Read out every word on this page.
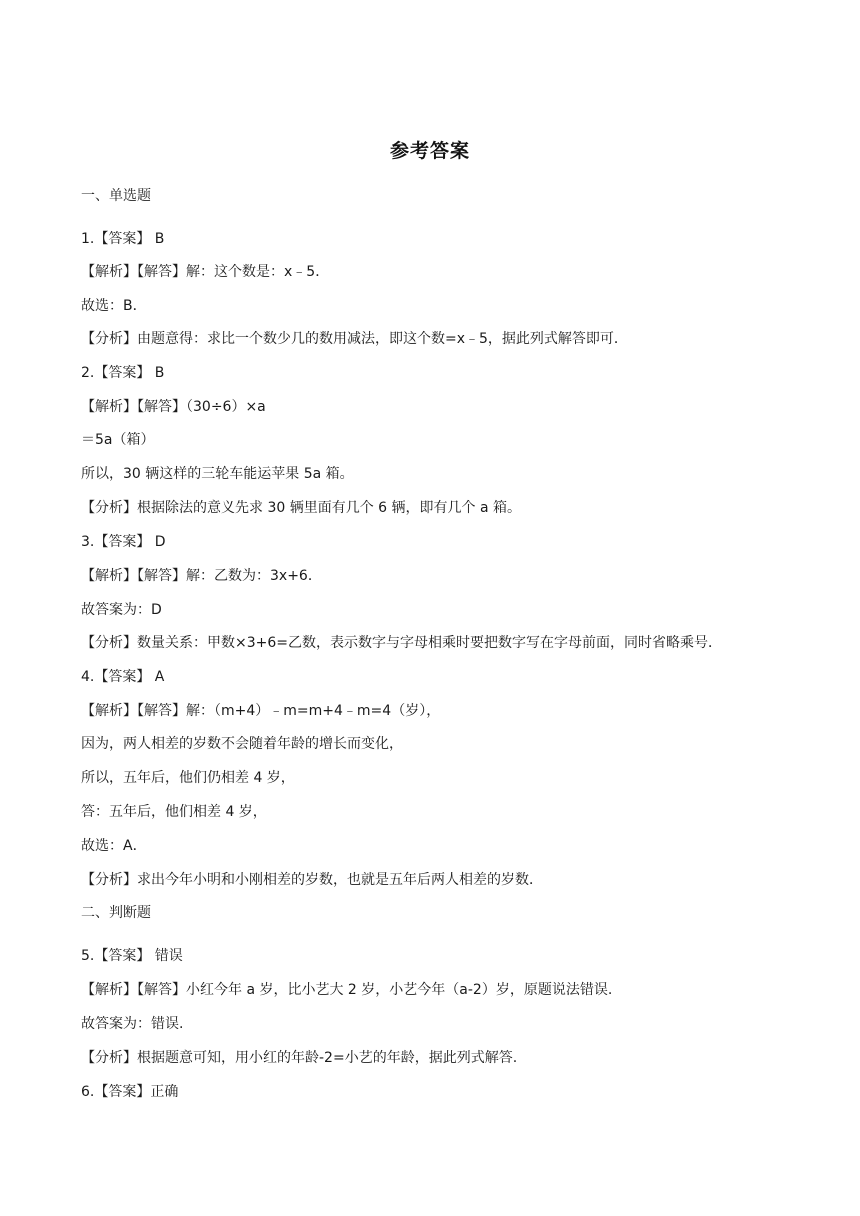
参考答案
一、单选题
1.【答案】 B
【解析】【解答】解：这个数是：x﹣5．
故选：B．
【分析】由题意得：求比一个数少几的数用减法，即这个数=x﹣5，据此列式解答即可．
2.【答案】 B
【解析】【解答】（30÷6）×a
＝5a（箱）
所以，30 辆这样的三轮车能运苹果 5a 箱。
【分析】根据除法的意义先求 30 辆里面有几个 6 辆，即有几个 a 箱。
3.【答案】 D
【解析】【解答】解：乙数为：3x+6．
故答案为：D
【分析】数量关系：甲数×3+6=乙数，表示数字与字母相乘时要把数字写在字母前面，同时省略乘号．
4.【答案】 A
【解析】【解答】解：（m+4）﹣m=m+4﹣m=4（岁），
因为，两人相差的岁数不会随着年龄的增长而变化，
所以，五年后，他们仍相差 4 岁，
答：五年后，他们相差 4 岁，
故选：A．
【分析】求出今年小明和小刚相差的岁数，也就是五年后两人相差的岁数．
二、判断题
5.【答案】 错误
【解析】【解答】小红今年 a 岁，比小艺大 2 岁，小艺今年（a-2）岁，原题说法错误.
故答案为：错误.
【分析】根据题意可知，用小红的年龄-2=小艺的年龄，据此列式解答.
6.【答案】正确
